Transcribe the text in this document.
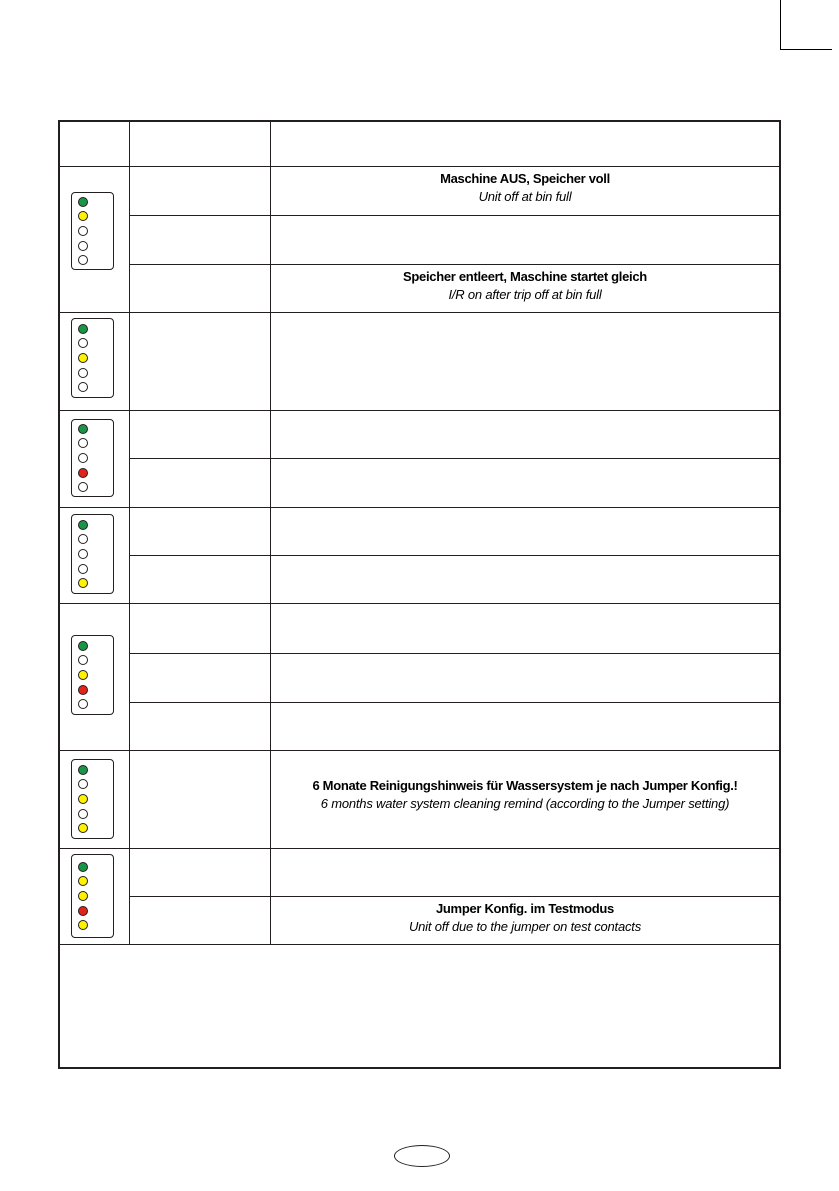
Maschine AUS, Speicher voll
Unit off at bin full
Speicher entleert, Maschine startet gleich
I/R on after trip off at bin full
6 Monate Reinigungshinweis für Wassersystem je nach Jumper Konfig.!
6 months water system cleaning remind (according to the Jumper setting)
Jumper Konfig. im Testmodus
Unit off due to the jumper on test contacts
